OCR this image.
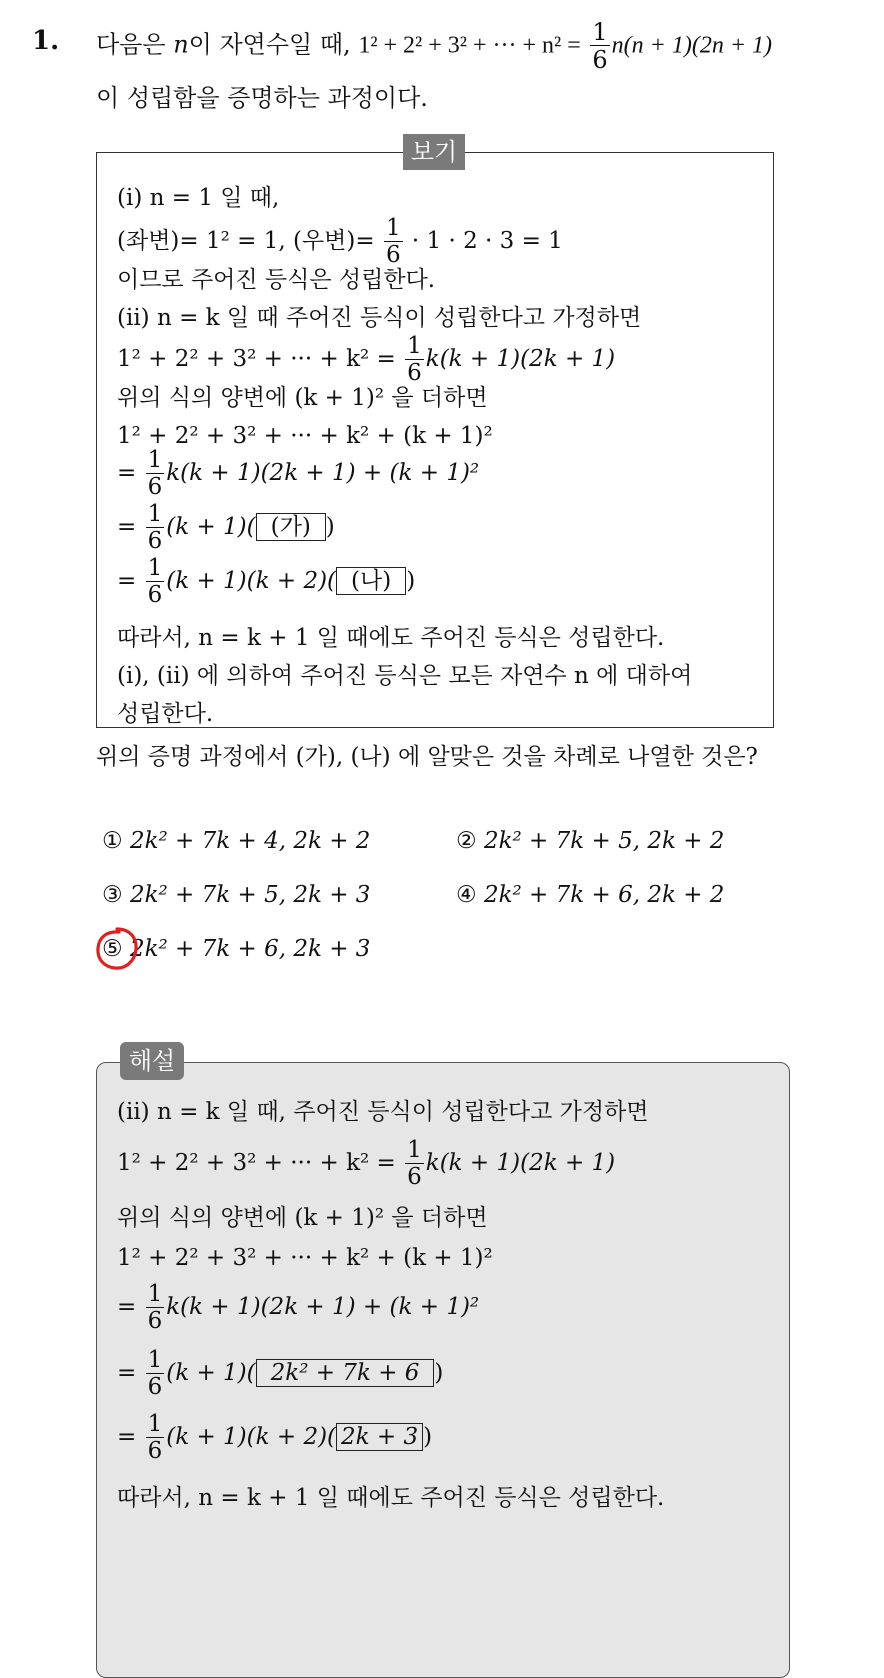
1. 다음은 n이 자연수일 때, 1² + 2² + 3² + ··· + $n^2 = \frac{1}{6} n(n + 1)(2n + 1)$
이 성립함을 증명하는 과정이다.
(i) n = 1 일 때,
(좌변)= 1² = 1, (우변)= $\frac{1}{6} \cdot 1 \cdot 2 \cdot 3 = 1$
이므로 주어진 등식은 성립한다.
(ii) n = k 일 때 주어진 등식이 성립한다고 가정하면
1² + 2² + 3² + ··· + $k^2 = \frac{1}{6} k(k + 1)(2k + 1)$
위의 식의 양변에 (k + 1)² 을 더하면
1² + 2² + 3² + ··· + k² + (k + 1)²
= $\frac{1}{6} k(k + 1)(2k + 1) + (k + 1)^2$
= $\frac{1}{6} (k + 1)$( (가) )
= $\frac{1}{6} (k + 1)(k + 2)$( (나) )
따라서, n = k + 1 일 때에도 주어진 등식은 성립한다.
(i), (ii) 에 의하여 주어진 등식은 모든 자연수 n 에 대하여
성립한다.
보기
위의 증명 과정에서 (가), (나) 에 알맞은 것을 차례로 나열한 것은?
① 2k² + 7k + 4, 2k + 2	② 2k² + 7k + 5, 2k + 2
③ 2k² + 7k + 5, 2k + 3	④ 2k² + 7k + 6, 2k + 2
⑤ 2k² + 7k + 6, 2k + 3
(ii) n = k 일 때, 주어진 등식이 성립한다고 가정하면
1² + 2² + 3² + ··· + $k^2 = \frac{1}{6} k(k + 1)(2k + 1)$
위의 식의 양변에 (k + 1)² 을 더하면
1² + 2² + 3² + ··· + k² + (k + 1)²
= $\frac{1}{6} k(k + 1)(2k + 1) + (k + 1)^2$
= $\frac{1}{6} (k + 1)$( 2k² + 7k + 6 )
= $\frac{1}{6} (k + 1)(k + 2)$( 2k + 3 )
따라서, n = k + 1 일 때에도 주어진 등식은 성립한다.
해설
